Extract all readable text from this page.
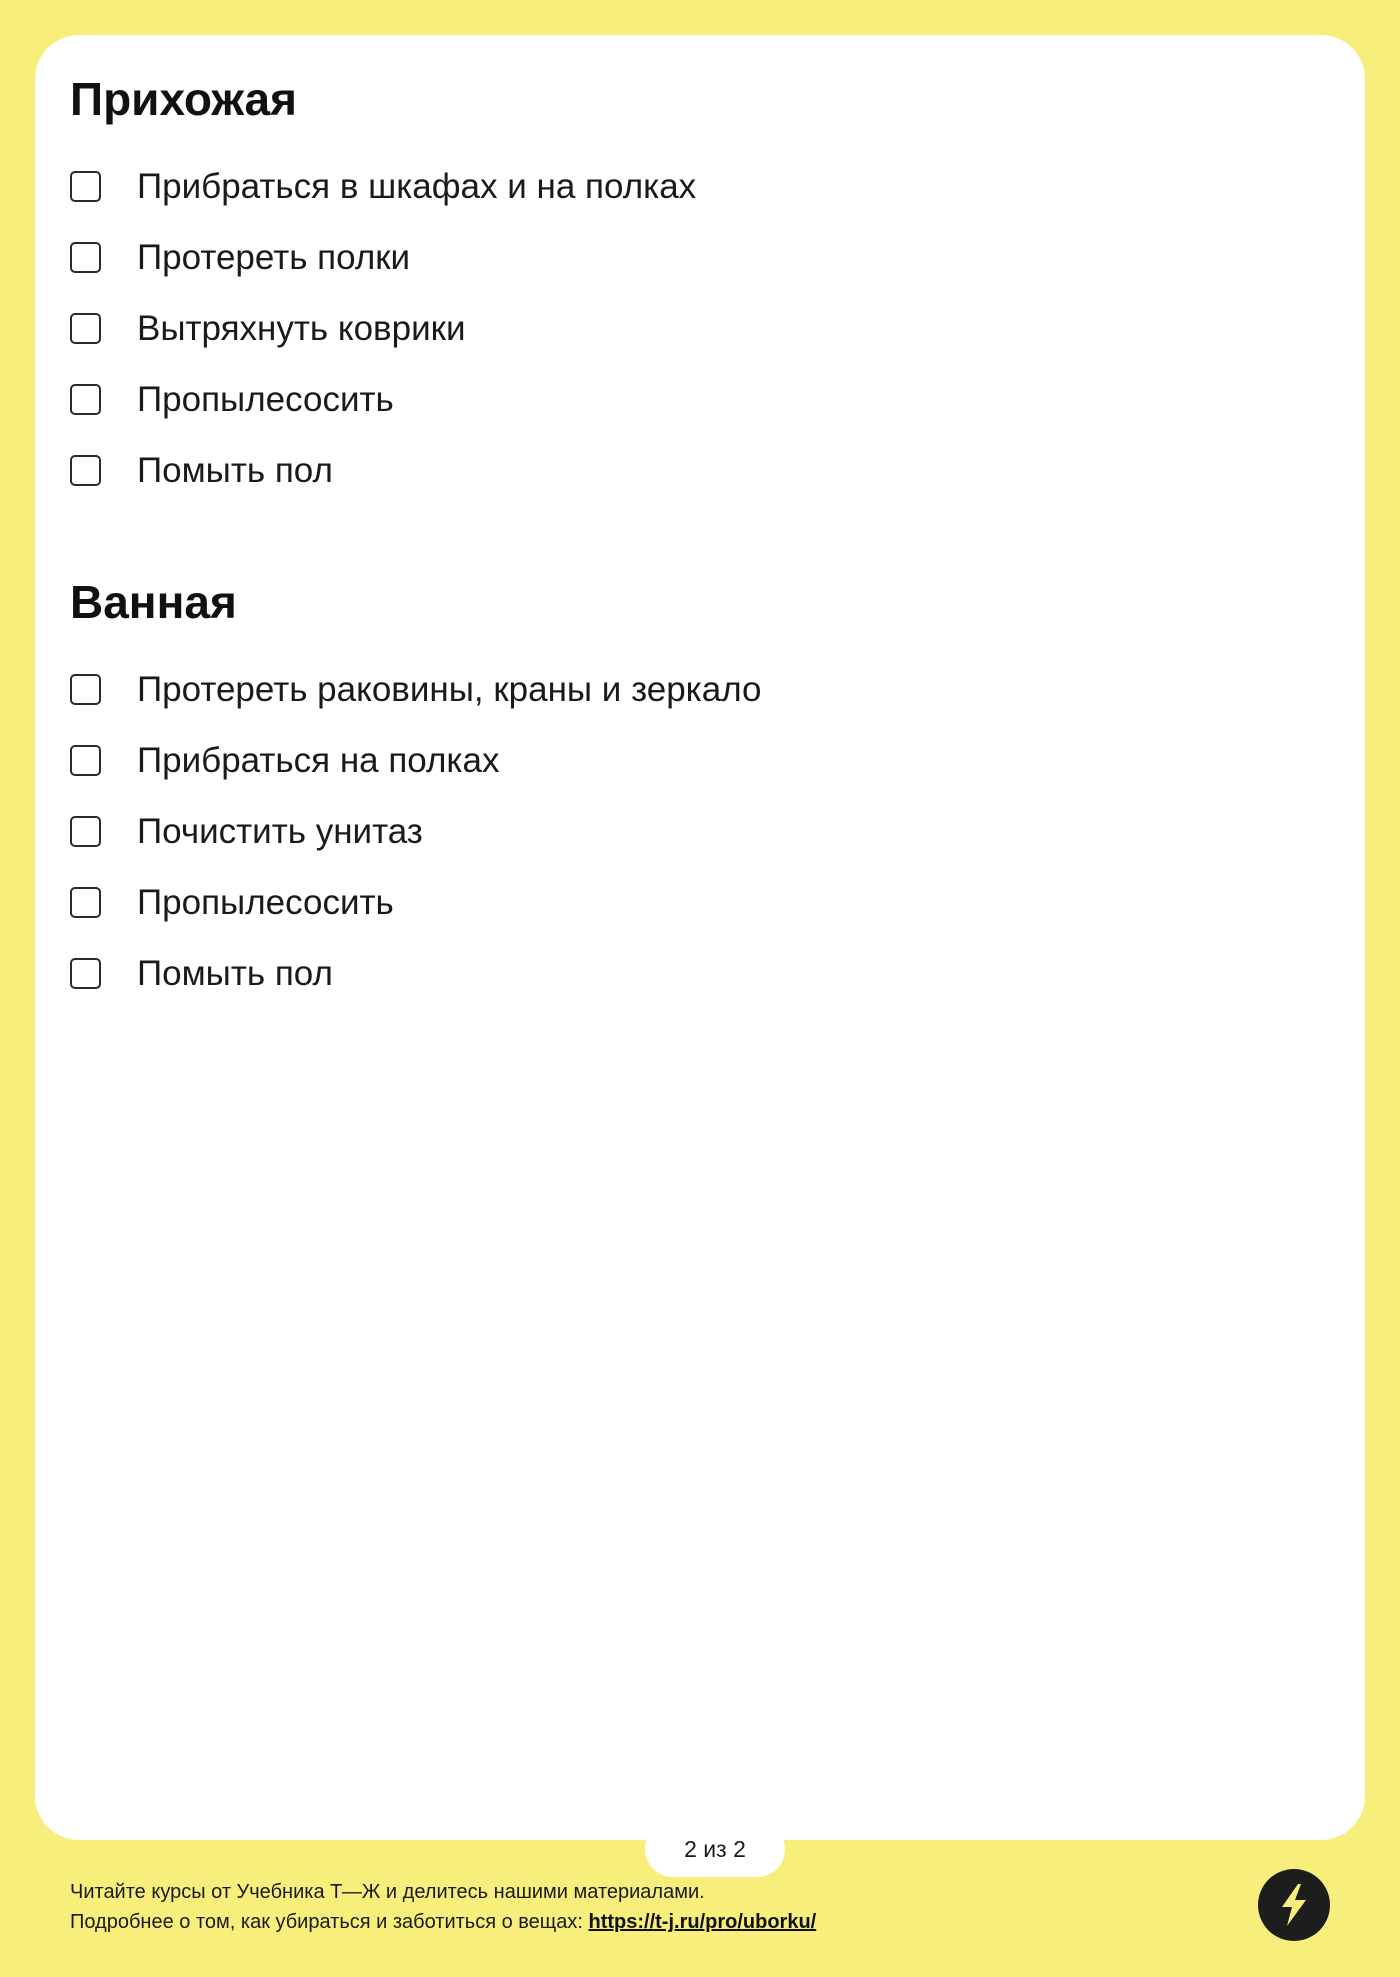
Прихожая
Прибраться в шкафах и на полках
Протереть полки
Вытряхнуть коврики
Пропылесосить
Помыть пол
Ванная
Протереть раковины, краны и зеркало
Прибраться на полках
Почистить унитаз
Пропылесосить
Помыть пол
2 из 2
Читайте курсы от Учебника Т—Ж и делитесь нашими материалами.
Подробнее о том, как убираться и заботиться о вещах: https://t-j.ru/pro/uborku/
